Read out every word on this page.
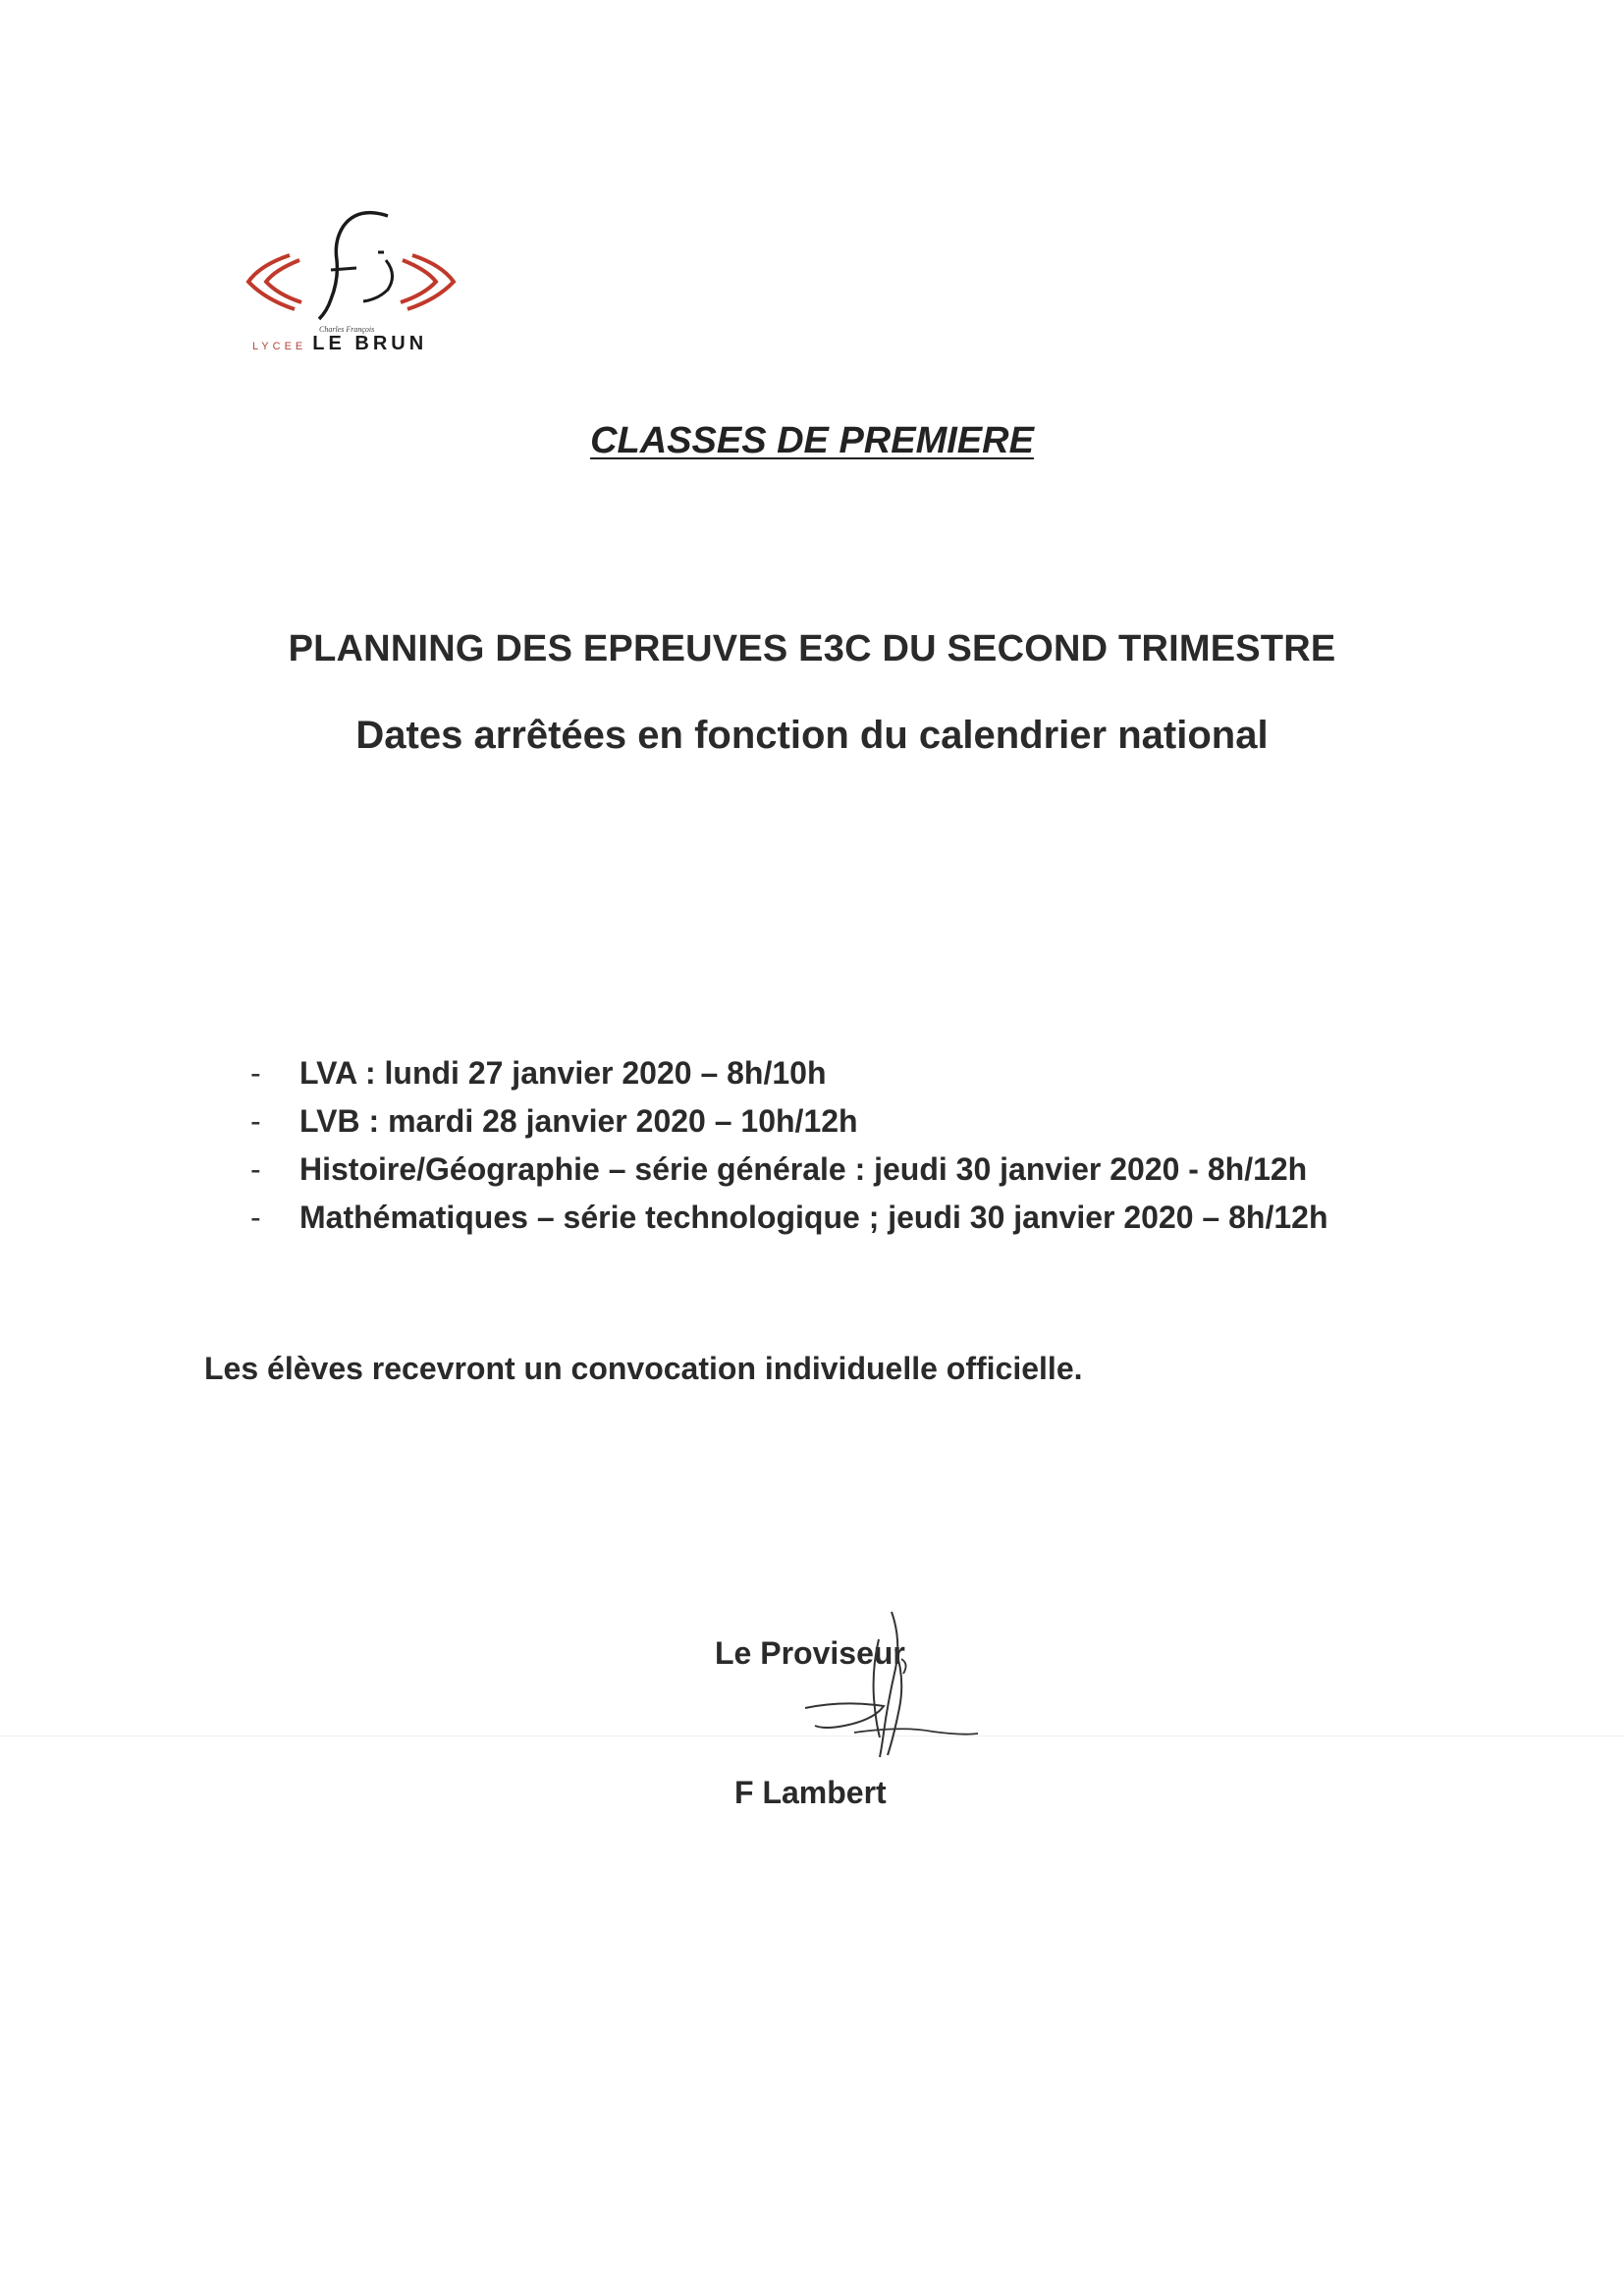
Charles François
LYCEE LE BRUN
CLASSES DE PREMIERE
PLANNING DES EPREUVES E3C DU SECOND TRIMESTRE
Dates arrêtées en fonction du calendrier national
-	LVA : lundi 27 janvier 2020 – 8h/10h
-	LVB : mardi 28 janvier 2020 – 10h/12h
-	Histoire/Géographie – série générale : jeudi 30 janvier 2020 - 8h/12h
-	Mathématiques – série technologique ; jeudi 30 janvier 2020 – 8h/12h
Les élèves recevront un convocation individuelle officielle.
Le Proviseur
F Lambert
